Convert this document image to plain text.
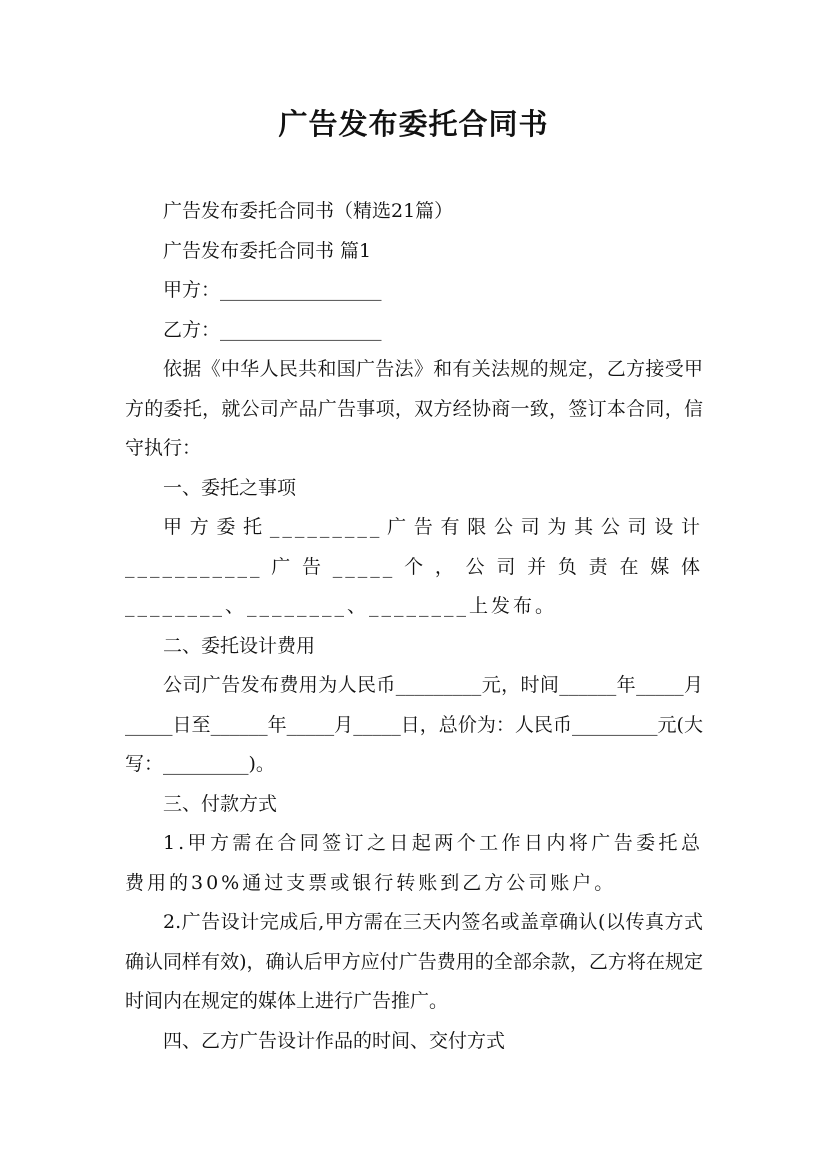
广告发布委托合同书

广告发布委托合同书（精选21篇）

广告发布委托合同书 篇1

甲方：_________________

乙方：_________________

依据《中华人民共和国广告法》和有关法规的规定，乙方接受甲方的委托，就公司产品广告事项，双方经协商一致，签订本合同，信守执行：

一、委托之事项

甲方委托_________广告有限公司为其公司设计___________广告_____个，公司并负责在媒体________、________、________上发布。

二、委托设计费用

公司广告发布费用为人民币_________元，时间______年_____月_____日至______年_____月_____日，总价为：人民币_________元(大写：_________)。

三、付款方式

1.甲方需在合同签订之日起两个工作日内将广告委托总费用的30%通过支票或银行转账到乙方公司账户。

2.广告设计完成后,甲方需在三天内签名或盖章确认(以传真方式确认同样有效)，确认后甲方应付广告费用的全部余款，乙方将在规定时间内在规定的媒体上进行广告推广。

四、乙方广告设计作品的时间、交付方式
